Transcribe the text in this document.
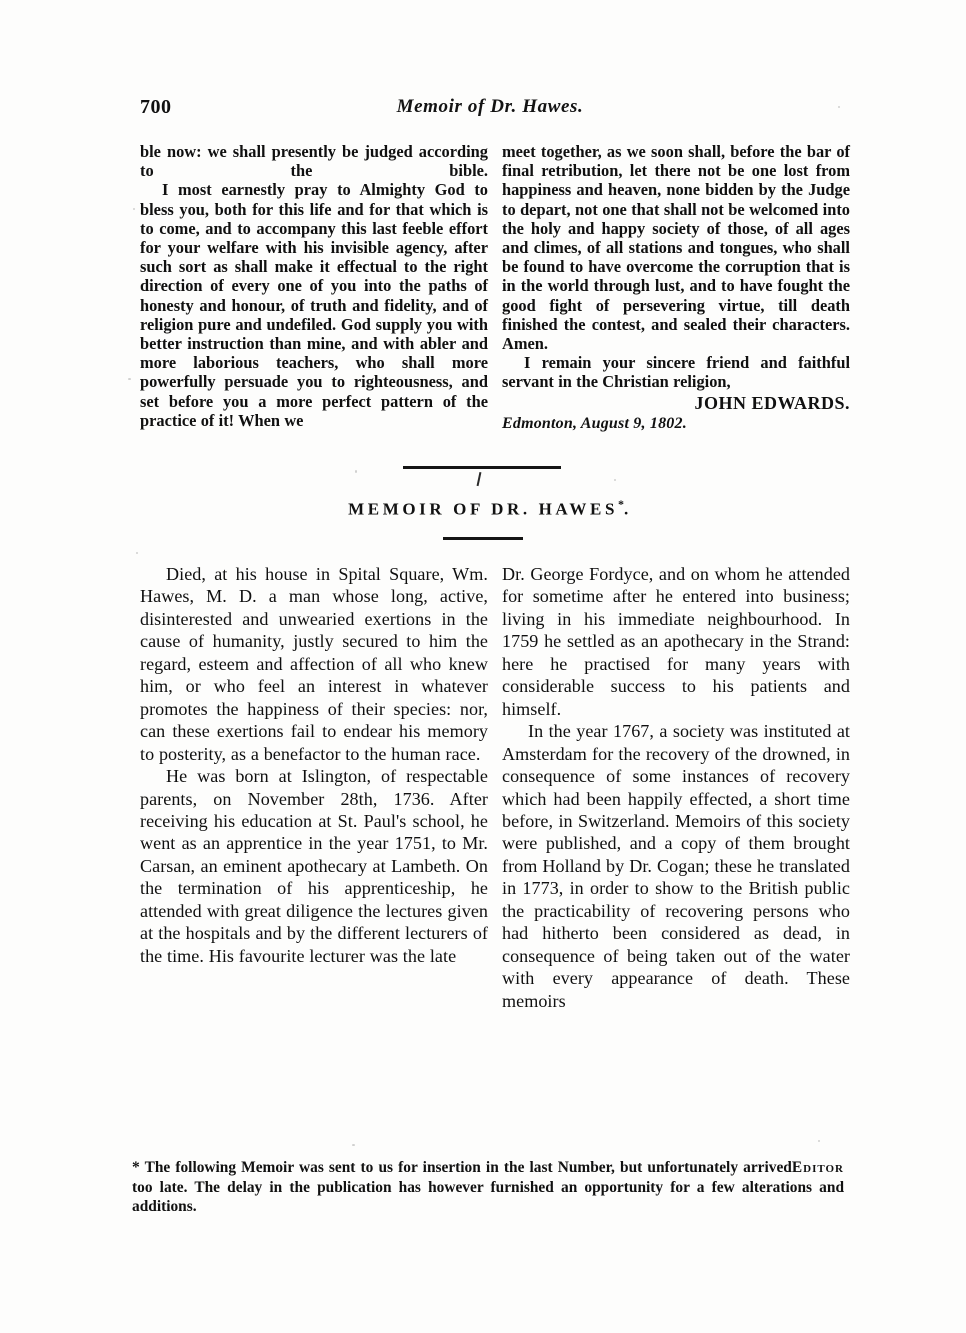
700	Memoir of Dr. Hawes.

ble now: we shall presently be judged according to the bible.

I most earnestly pray to Almighty God to bless you, both for this life and for that which is to come, and to accompany this last feeble effort for your welfare with his invisible agency, after such sort as shall make it effectual to the right direction of every one of you into the paths of honesty and honour, of truth and fidelity, and of religion pure and undefiled. God supply you with better instruction than mine, and with abler and more laborious teachers, who shall more powerfully persuade you to righteousness, and set before you a more perfect pattern of the practice of it! When we

meet together, as we soon shall, before the bar of final retribution, let there not be one lost from happiness and heaven, none bidden by the Judge to depart, not one that shall not be welcomed into the holy and happy society of those, of all ages and climes, of all stations and tongues, who shall be found to have overcome the corruption that is in the world through lust, and to have fought the good fight of persevering virtue, till death finished the contest, and sealed their characters. Amen.

I remain your sincere friend and faithful servant in the Christian religion,

JOHN EDWARDS.
Edmonton, August 9, 1802.
MEMOIR OF DR. HAWES*.

Died, at his house in Spital Square, Wm. Hawes, M. D. a man whose long, active, disinterested and unwearied exertions in the cause of humanity, justly secured to him the regard, esteem and affection of all who knew him, or who feel an interest in whatever promotes the happiness of their species: nor, can these exertions fail to endear his memory to posterity, as a benefactor to the human race.

He was born at Islington, of respectable parents, on November 28th, 1736. After receiving his education at St. Paul's school, he went as an apprentice in the year 1751, to Mr. Carsan, an eminent apothecary at Lambeth. On the termination of his apprenticeship, he attended with great diligence the lectures given at the hospitals and by the different lecturers of the time. His favourite lecturer was the late

Dr. George Fordyce, and on whom he attended for sometime after he entered into business; living in his immediate neighbourhood. In 1759 he settled as an apothecary in the Strand: here he practised for many years with considerable success to his patients and himself.

In the year 1767, a society was instituted at Amsterdam for the recovery of the drowned, in consequence of some instances of recovery which had been happily effected, a short time before, in Switzerland. Memoirs of this society were published, and a copy of them brought from Holland by Dr. Cogan; these he translated in 1773, in order to show to the British public the practicability of recovering persons who had hitherto been considered as dead, in consequence of being taken out of the water with every appearance of death. These memoirs

Editor
* The following Memoir was sent to us for insertion in the last Number, but unfortunately arrived too late. The delay in the publication has however furnished an opportunity for a few alterations and additions.
